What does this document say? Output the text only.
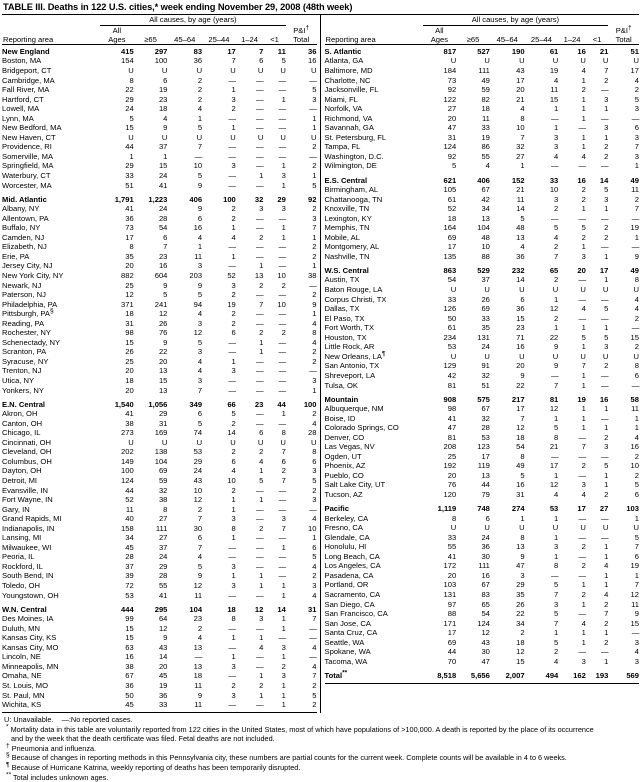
TABLE III. Deaths in 122 U.S. cities,* week ending November 29, 2008 (48th week)
	All causes, by age (years)						
	All						P&I†
Reporting area	Ages	≥65	45–64	25–44	1–24	<1	Total
New England	415	297	83	17	7	11	36
Boston, MA	154	100	36	7	6	5	16
Bridgeport, CT	U	U	U	U	U	U	U
Cambridge, MA	8	6	2	—	—	—	—
Fall River, MA	22	19	2	1	—	—	5
Hartford, CT	29	23	2	3	—	1	3
Lowell, MA	24	18	4	2	—	—	—
Lynn, MA	5	4	1	—	—	—	1
New Bedford, MA	15	9	5	1	—	—	1
New Haven, CT	U	U	U	U	U	U	U
Providence, RI	44	37	7	—	—	—	2
Somerville, MA	1	1	—	—	—	—	—
Springfield, MA	29	15	10	3	—	1	2
Waterbury, CT	33	24	5	—	1	3	1
Worcester, MA	51	41	9	—	—	1	5
Mid. Atlantic	1,791	1,223	406	100	32	29	92
Albany, NY	41	24	9	2	3	3	2
Allentown, PA	36	28	6	2	—	—	3
Buffalo, NY	73	54	16	1	—	1	7
Camden, NJ	17	6	4	4	2	1	1
Elizabeth, NJ	8	7	1	—	—	—	2
Erie, PA	35	23	11	1	—	—	2
Jersey City, NJ	20	16	3	—	1	—	1
New York City, NY	882	604	203	52	13	10	38
Newark, NJ	25	9	9	3	2	2	—
Paterson, NJ	12	5	5	2	—	—	2
Philadelphia, PA	371	241	94	19	7	10	9
Pittsburgh, PA§	18	12	4	2	—	—	1
Reading, PA	31	26	3	2	—	—	4
Rochester, NY	98	76	12	6	2	2	8
Schenectady, NY	15	9	5	—	1	—	4
Scranton, PA	26	22	3	—	1	—	2
Syracuse, NY	25	20	4	1	—	—	2
Trenton, NJ	20	13	4	3	—	—	—
Utica, NY	18	15	3	—	—	—	3
Yonkers, NY	20	13	7	—	—	—	1
E.N. Central	1,540	1,056	349	66	23	44	100
Akron, OH	41	29	6	5	—	1	2
Canton, OH	38	31	5	2	—	—	4
Chicago, IL	273	169	74	14	6	8	28
Cincinnati, OH	U	U	U	U	U	U	U
Cleveland, OH	202	138	53	2	2	7	8
Columbus, OH	149	104	29	6	4	6	6
Dayton, OH	100	69	24	4	1	2	3
Detroit, MI	124	59	43	10	5	7	5
Evansville, IN	44	32	10	2	—	—	2
Fort Wayne, IN	52	38	12	1	1	—	3
Gary, IN	11	8	2	1	—	—	—
Grand Rapids, MI	40	27	7	3	—	3	4
Indianapolis, IN	158	111	30	8	2	7	10
Lansing, MI	34	27	6	1	—	—	1
Milwaukee, WI	45	37	7	—	—	1	6
Peoria, IL	28	24	4	—	—	—	5
Rockford, IL	37	29	5	3	—	—	4
South Bend, IN	39	28	9	1	1	—	2
Toledo, OH	72	55	12	3	1	1	3
Youngstown, OH	53	41	11	—	—	1	4
W.N. Central	444	295	104	18	12	14	31
Des Moines, IA	99	64	23	8	3	1	7
Duluth, MN	15	12	2	—	—	1	—
Kansas City, KS	15	9	4	1	1	—	—
Kansas City, MO	63	43	13	—	4	3	4
Lincoln, NE	16	14	—	1	—	1	—
Minneapolis, MN	38	20	13	3	—	2	4
Omaha, NE	67	45	18	—	1	3	7
St. Louis, MO	36	19	11	2	2	1	2
St. Paul, MN	50	36	9	3	1	1	5
Wichita, KS	45	33	11	—	—	1	2
	All causes, by age (years)						
	All						P&I†
Reporting area	Ages	≥65	45–64	25–44	1–24	<1	Total
S. Atlantic	817	527	190	61	16	21	51
Atlanta, GA	U	U	U	U	U	U	U
Baltimore, MD	184	111	43	19	4	7	17
Charlotte, NC	73	49	17	4	1	2	4
Jacksonville, FL	92	59	20	11	2	—	2
Miami, FL	122	82	21	15	1	3	5
Norfolk, VA	27	18	4	1	1	1	3
Richmond, VA	20	11	8	—	1	—	—
Savannah, GA	47	33	10	1	—	3	6
St. Petersburg, FL	31	19	7	3	1	1	3
Tampa, FL	124	86	32	3	1	2	7
Washington, D.C.	92	55	27	4	4	2	3
Wilmington, DE	5	4	1	—	—	—	1
E.S. Central	621	406	152	33	16	14	49
Birmingham, AL	105	67	21	10	2	5	11
Chattanooga, TN	61	42	11	3	2	3	2
Knoxville, TN	52	34	14	2	1	1	7
Lexington, KY	18	13	5	—	—	—	—
Memphis, TN	164	104	48	5	5	2	19
Mobile, AL	69	48	13	4	2	2	1
Montgomery, AL	17	10	4	2	1	—	—
Nashville, TN	135	88	36	7	3	1	9
W.S. Central	863	529	232	65	20	17	49
Austin, TX	54	37	14	2	—	1	8
Baton Rouge, LA	U	U	U	U	U	U	U
Corpus Christi, TX	33	26	6	1	—	—	4
Dallas, TX	126	69	36	12	4	5	4
El Paso, TX	50	33	15	2	—	—	2
Fort Worth, TX	61	35	23	1	1	1	—
Houston, TX	234	131	71	22	5	5	15
Little Rock, AR	53	24	16	9	1	3	2
New Orleans, LA¶	U	U	U	U	U	U	U
San Antonio, TX	129	91	20	9	7	2	8
Shreveport, LA	42	32	9	—	1	—	6
Tulsa, OK	81	51	22	7	1	—	—
Mountain	908	575	217	81	19	16	58
Albuquerque, NM	98	67	17	12	1	1	11
Boise, ID	41	32	7	1	1	—	1
Colorado Springs, CO	47	28	12	5	1	1	1
Denver, CO	81	53	18	8	—	2	4
Las Vegas, NV	208	123	54	21	7	3	16
Ogden, UT	25	17	8	—	—	—	2
Phoenix, AZ	192	119	49	17	2	5	10
Pueblo, CO	20	13	5	1	—	1	2
Salt Lake City, UT	76	44	16	12	3	1	5
Tucson, AZ	120	79	31	4	4	2	6
Pacific	1,119	748	274	53	17	27	103
Berkeley, CA	8	6	1	1	—	—	1
Fresno, CA	U	U	U	U	U	U	U
Glendale, CA	33	24	8	1	—	—	5
Honolulu, HI	55	36	13	3	2	1	7
Long Beach, CA	41	30	9	1	—	1	6
Los Angeles, CA	172	111	47	8	2	4	19
Pasadena, CA	20	16	3	—	—	1	1
Portland, OR	103	67	29	5	1	1	7
Sacramento, CA	131	83	35	7	2	4	12
San Diego, CA	97	65	26	3	1	2	11
San Francisco, CA	88	54	22	5	—	7	9
San Jose, CA	171	124	34	7	4	2	15
Santa Cruz, CA	17	12	2	1	1	1	—
Seattle, WA	69	43	18	5	1	2	3
Spokane, WA	44	30	12	2	—	—	4
Tacoma, WA	70	47	15	4	3	1	3
Total**	8,518	5,656	2,007	494	162	193	569
U: Unavailable. —:No reported cases.
* Mortality data in this table are voluntarily reported from 122 cities in the United States, most of which have populations of >100,000. A death is reported by the place of its occurrence
and by the week that the death certificate was filed. Fetal deaths are not included.
† Pneumonia and influenza.
§ Because of changes in reporting methods in this Pennsylvania city, these numbers are partial counts for the current week. Complete counts will be available in 4 to 6 weeks.
¶ Because of Hurricane Katrina, weekly reporting of deaths has been temporarily disrupted.
** Total includes unknown ages.
